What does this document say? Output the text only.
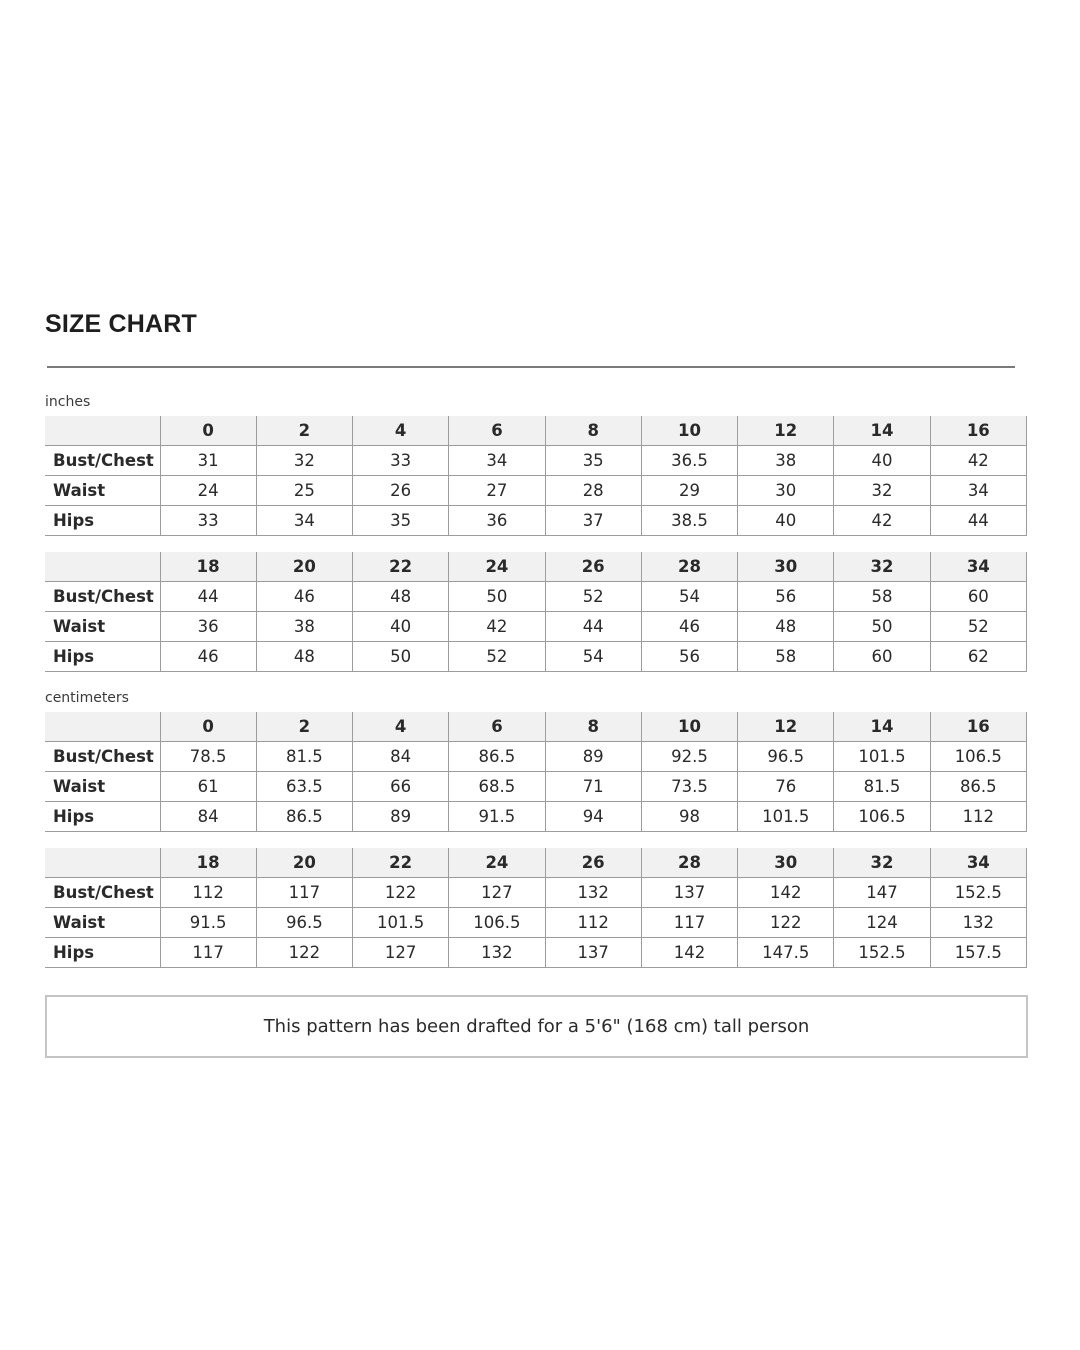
SIZE CHART
inches
	0	2	4	6	8	10	12	14	16
Bust/Chest	31	32	33	34	35	36.5	38	40	42
Waist	24	25	26	27	28	29	30	32	34
Hips	33	34	35	36	37	38.5	40	42	44
	18	20	22	24	26	28	30	32	34
Bust/Chest	44	46	48	50	52	54	56	58	60
Waist	36	38	40	42	44	46	48	50	52
Hips	46	48	50	52	54	56	58	60	62
centimeters
	0	2	4	6	8	10	12	14	16
Bust/Chest	78.5	81.5	84	86.5	89	92.5	96.5	101.5	106.5
Waist	61	63.5	66	68.5	71	73.5	76	81.5	86.5
Hips	84	86.5	89	91.5	94	98	101.5	106.5	112
	18	20	22	24	26	28	30	32	34
Bust/Chest	112	117	122	127	132	137	142	147	152.5
Waist	91.5	96.5	101.5	106.5	112	117	122	124	132
Hips	117	122	127	132	137	142	147.5	152.5	157.5
This pattern has been drafted for a 5'6" (168 cm) tall person
